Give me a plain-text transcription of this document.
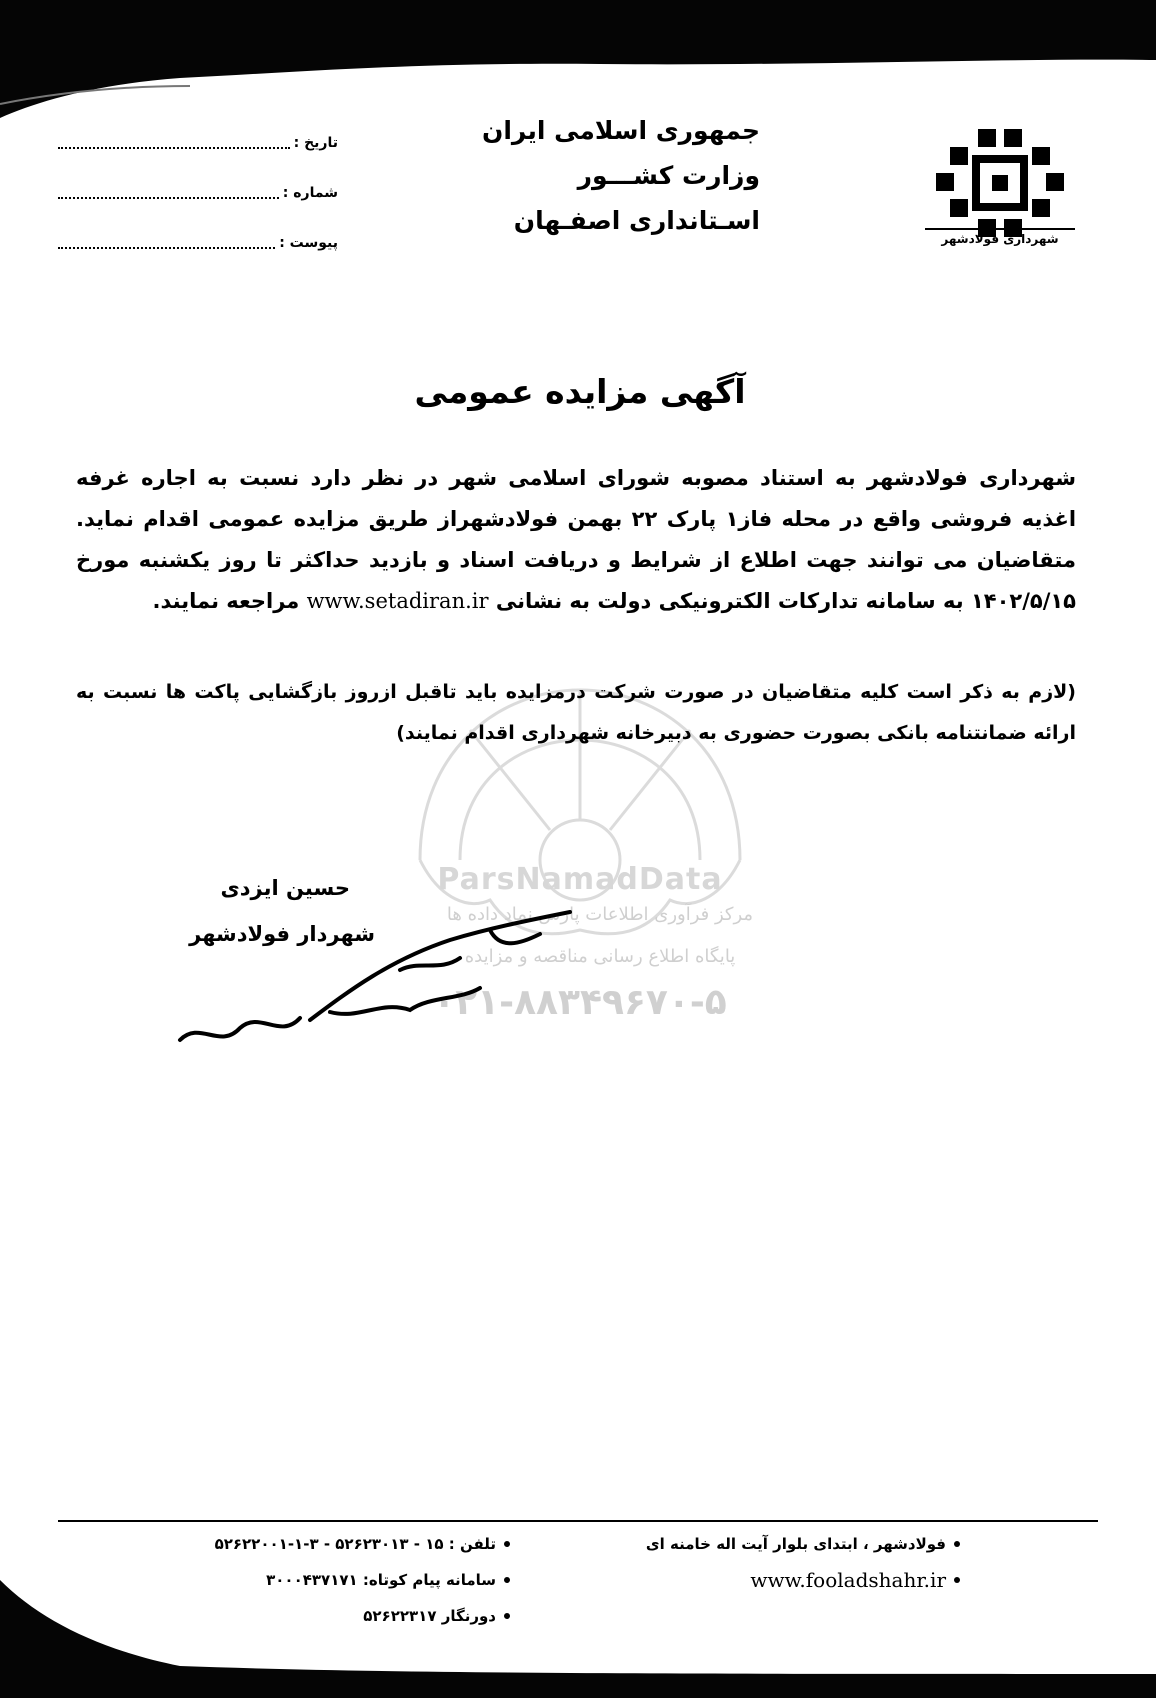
جمهوری اسلامی ایران
وزارت کشـــور
اسـتانداری اصفـهان
شهرداری فولادشهر
تاریخ :
شماره :
پیوست :
ParsNamadData
مرکز فرآوری اطلاعات پارس نماد داده ها
پایگاه اطلاع رسانی مناقصه و مزایده
۰۲۱-۸۸۳۴۹۶۷۰-۵
آگهی مزایده عمومی
شهرداری فولادشهر به استناد مصوبه شورای اسلامی شهر در نظر دارد نسبت به اجاره غرفه اغذیه فروشی واقع در محله فاز۱ پارک ۲۲ بهمن فولادشهراز طریق مزایده عمومی اقدام نماید. متقاضیان می توانند جهت اطلاع از شرایط و دریافت اسناد و بازدید حداکثر تا روز یکشنبه مورخ ۱۴۰۲/۵/۱۵ به سامانه تدارکات الکترونیکی دولت به نشانی www.setadiran.ir مراجعه نمایند.
(لازم به ذکر است کلیه متقاضیان در صورت شرکت درمزایده باید تاقبل ازروز بازگشایی پاکت ها نسبت به ارائه ضمانتنامه بانکی بصورت حضوری به دبیرخانه شهرداری اقدام نمایند)
حسین ایزدی
شهردار فولادشهر
فولادشهر ، ابتدای بلوار آیت اله خامنه ای
www.fooladshahr.ir
تلفن : ۱۵ - ۵۲۶۲۳۰۱۳ - ۳-۱-۵۲۶۲۲۰۰۱
سامانه پیام کوتاه: ۳۰۰۰۴۳۷۱۷۱
دورنگار ۵۲۶۲۲۳۱۷
